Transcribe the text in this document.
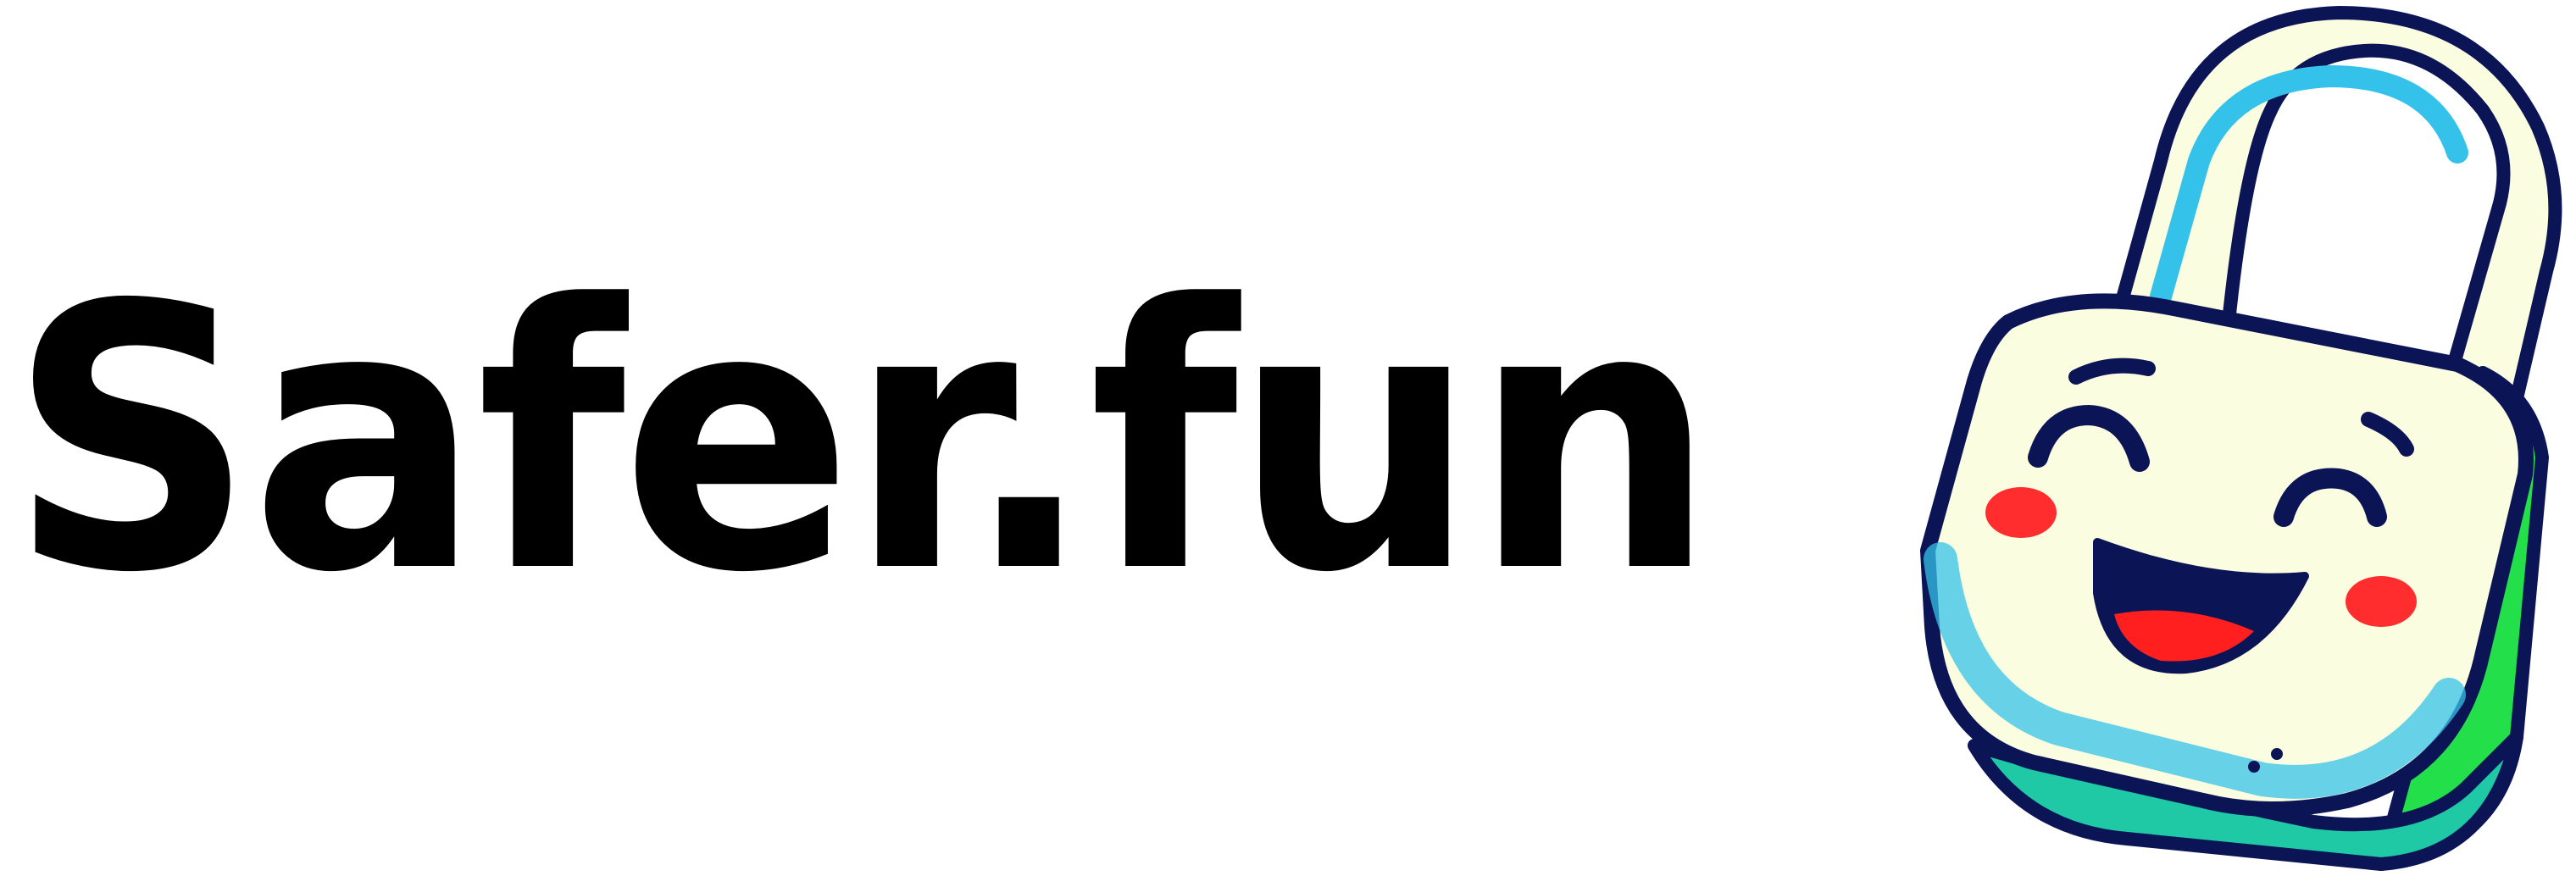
Safer.fun
